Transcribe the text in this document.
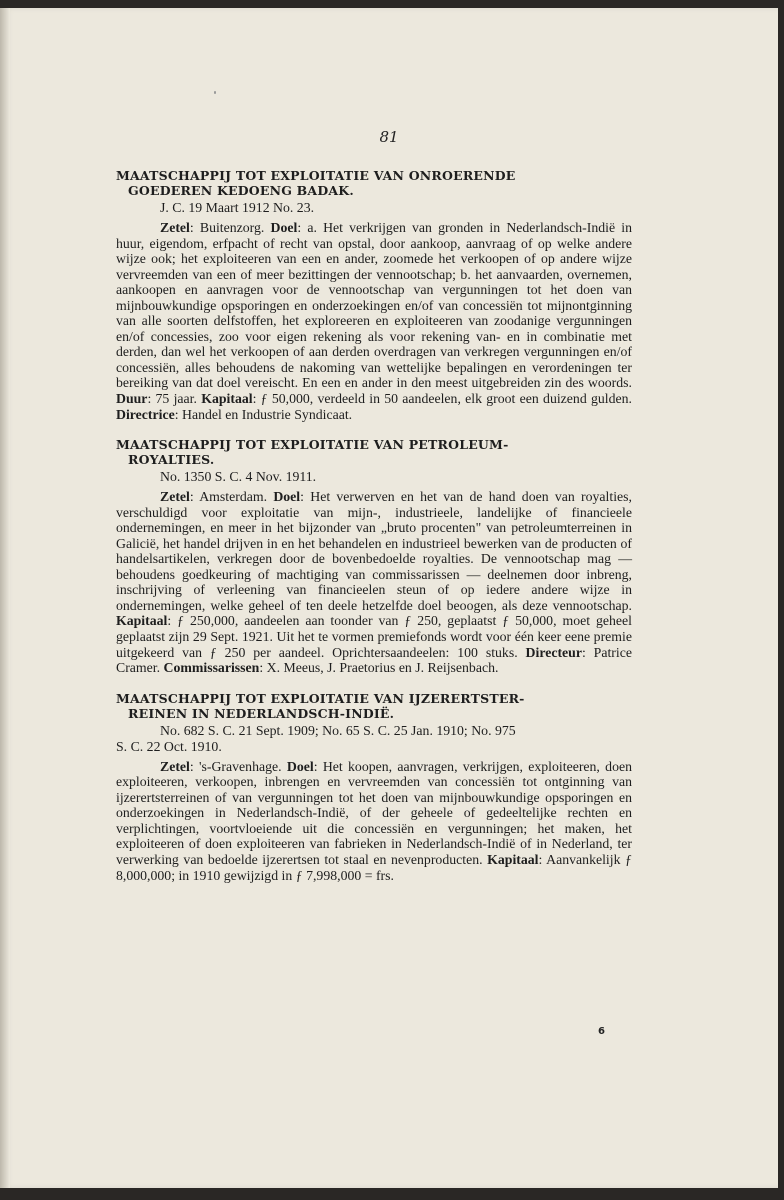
81
MAATSCHAPPIJ TOT EXPLOITATIE VAN ONROERENDE
GOEDEREN KEDOENG BADAK.

J. C. 19 Maart 1912 No. 23.

Zetel: Buitenzorg. Doel: a. Het verkrijgen van gronden in Nederlandsch-Indië in huur, eigendom, erfpacht of recht van opstal, door aankoop, aanvraag of op welke andere wijze ook; het exploiteeren van een en ander, zoomede het verkoopen of op andere wijze vervreemden van een of meer bezittingen der vennootschap; b. het aanvaarden, overnemen, aankoopen en aanvragen voor de vennootschap van vergunningen tot het doen van mijnbouwkundige opsporingen en onderzoekingen en/of van concessiën tot mijnontginning van alle soorten delfstoffen, het exploreeren en exploiteeren van zoodanige vergunningen en/of concessies, zoo voor eigen rekening als voor rekening van- en in combinatie met derden, dan wel het verkoopen of aan derden overdragen van verkregen vergunningen en/of concessiën, alles behoudens de nakoming van wettelijke bepalingen en verordeningen ter bereiking van dat doel vereischt. En een en ander in den meest uitgebreiden zin des woords. Duur: 75 jaar. Kapitaal: ƒ 50,000, verdeeld in 50 aandeelen, elk groot een duizend gulden. Directrice: Handel en Industrie Syndicaat.

MAATSCHAPPIJ TOT EXPLOITATIE VAN PETROLEUM-
ROYALTIES.

No. 1350 S. C. 4 Nov. 1911.

Zetel: Amsterdam. Doel: Het verwerven en het van de hand doen van royalties, verschuldigd voor exploitatie van mijn-, industrieele, landelijke of financieele ondernemingen, en meer in het bijzonder van „bruto procenten" van petroleumterreinen in Galicië, het handel drijven in en het behandelen en industrieel bewerken van de producten of handelsartikelen, verkregen door de bovenbedoelde royalties. De vennootschap mag — behoudens goedkeuring of machtiging van commissarissen — deelnemen door inbreng, inschrijving of verleening van financieelen steun of op iedere andere wijze in ondernemingen, welke geheel of ten deele hetzelfde doel beoogen, als deze vennootschap. Kapitaal: ƒ 250,000, aandeelen aan toonder van ƒ 250, geplaatst ƒ 50,000, moet geheel geplaatst zijn 29 Sept. 1921. Uit het te vormen premiefonds wordt voor één keer eene premie uitgekeerd van ƒ 250 per aandeel. Oprichtersaandeelen: 100 stuks. Directeur: Patrice Cramer. Commissarissen: X. Meeus, J. Praetorius en J. Reijsenbach.

MAATSCHAPPIJ TOT EXPLOITATIE VAN IJZERERTSTER-
REINEN IN NEDERLANDSCH-INDIË.

No. 682 S. C. 21 Sept. 1909; No. 65 S. C. 25 Jan. 1910; No. 975

S. C. 22 Oct. 1910.

Zetel: 's-Gravenhage. Doel: Het koopen, aanvragen, verkrijgen, exploiteeren, doen exploiteeren, verkoopen, inbrengen en vervreemden van concessiën tot ontginning van ijzerertsterreinen of van vergunningen tot het doen van mijnbouwkundige opsporingen en onderzoekingen in Nederlandsch-Indië, of der geheele of gedeeltelijke rechten en verplichtingen, voortvloeiende uit die concessiën en vergunningen; het maken, het exploiteeren of doen exploiteeren van fabrieken in Nederlandsch-Indië of in Nederland, ter verwerking van bedoelde ijzerertsen tot staal en nevenproducten. Kapitaal: Aanvankelijk ƒ 8,000,000; in 1910 gewijzigd in ƒ 7,998,000 = frs.

6
